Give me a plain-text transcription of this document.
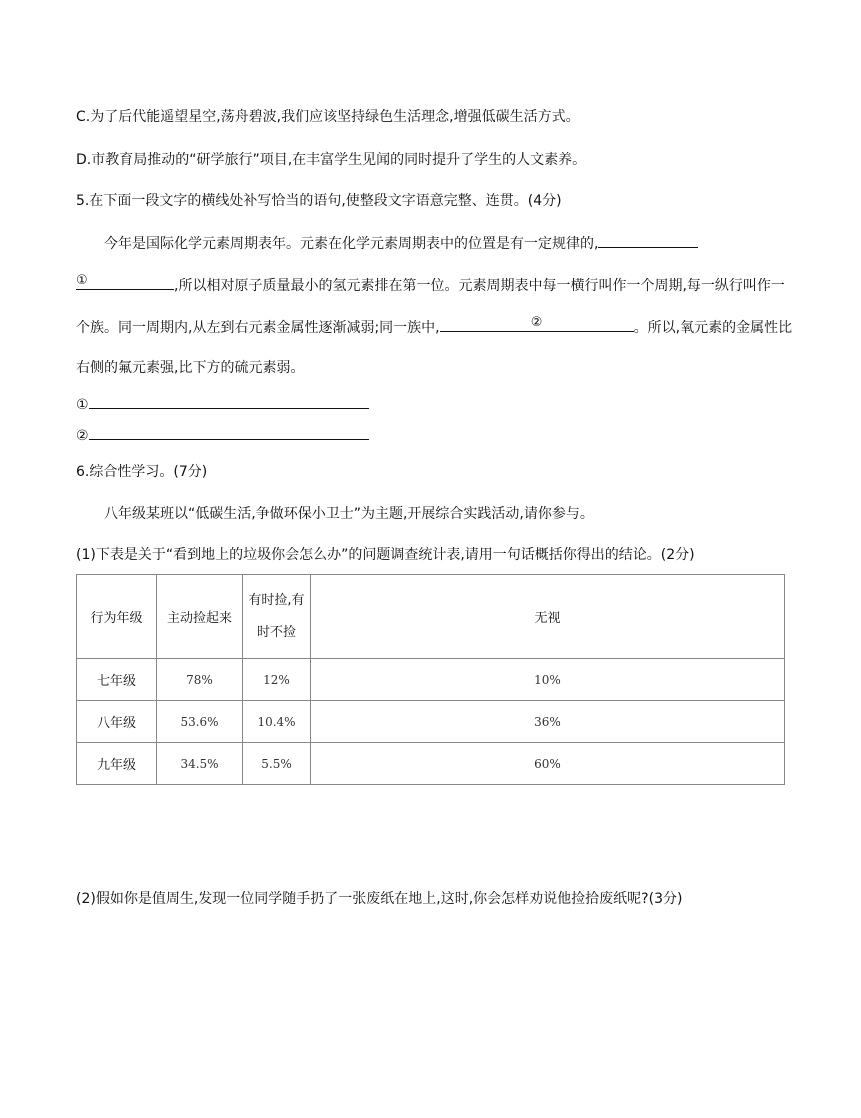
C.为了后代能遥望星空,荡舟碧波,我们应该坚持绿色生活理念,增强低碳生活方式。
D.市教育局推动的“研学旅行”项目,在丰富学生见闻的同时提升了学生的人文素养。
5.在下面一段文字的横线处补写恰当的语句,使整段文字语意完整、连贯。(4分)
今年是国际化学元素周期表年。元素在化学元素周期表中的位置是有一定规律的,
①	,所以相对原子质量最小的氢元素排在第一位。元素周期表中每一横行叫作一个周期,每一纵行叫作一
个族。同一周期内,从左到右元素金属性逐渐减弱;同一族中,	②	。所以,氧元素的金属性比
右侧的氟元素强,比下方的硫元素弱。
①
②
6.综合性学习。(7分)
八年级某班以“低碳生活,争做环保小卫士”为主题,开展综合实践活动,请你参与。
(1)下表是关于“看到地上的垃圾你会怎么办”的问题调查统计表,请用一句话概括你得出的结论。(2分)
行为年级	主动捡起来	有时捡,有
时不捡	无视
七年级	78%	12%	10%
八年级	53.6%	10.4%	36%
九年级	34.5%	5.5%	60%
(2)假如你是值周生,发现一位同学随手扔了一张废纸在地上,这时,你会怎样劝说他捡拾废纸呢?(3分)
